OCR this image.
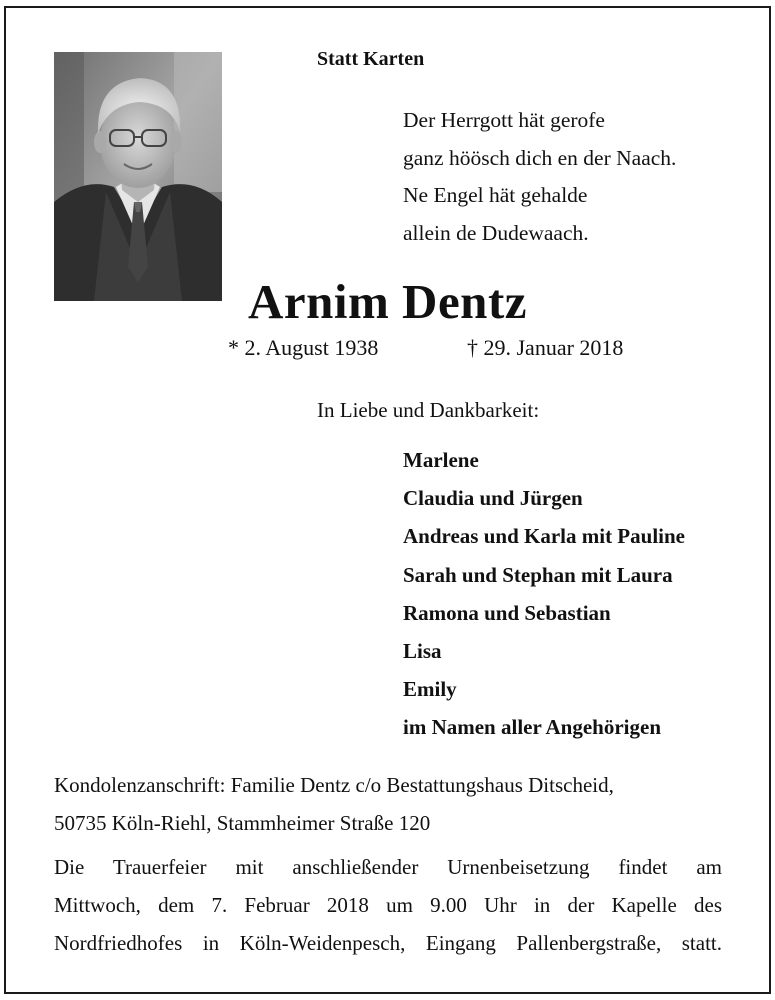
Statt Karten
Der Herrgott hät gerofe
ganz höösch dich en der Naach.
Ne Engel hät gehalde
allein de Dudewaach.
Arnim Dentz
* 2. August 1938	† 29. Januar 2018
In Liebe und Dankbarkeit:
Marlene
Claudia und Jürgen
Andreas und Karla mit Pauline
Sarah und Stephan mit Laura
Ramona und Sebastian
Lisa
Emily
im Namen aller Angehörigen
Kondolenzanschrift: Familie Dentz c/o Bestattungshaus Ditscheid,
50735 Köln-Riehl, Stammheimer Straße 120
Die Trauerfeier mit anschließender Urnenbeisetzung findet am
Mittwoch, dem 7. Februar 2018 um 9.00 Uhr in der Kapelle des
Nordfriedhofes in Köln-Weidenpesch, Eingang Pallenbergstraße, statt.
